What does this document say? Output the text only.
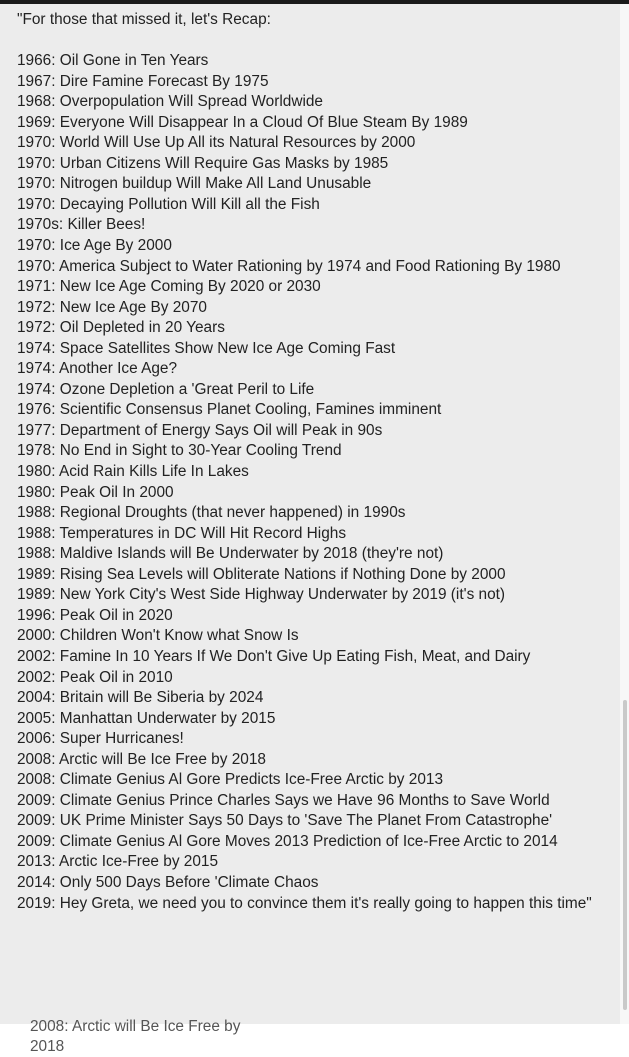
"For those that missed it, let's Recap:

1966: Oil Gone in Ten Years
1967: Dire Famine Forecast By 1975
1968: Overpopulation Will Spread Worldwide
1969: Everyone Will Disappear In a Cloud Of Blue Steam By 1989
1970: World Will Use Up All its Natural Resources by 2000
1970: Urban Citizens Will Require Gas Masks by 1985
1970: Nitrogen buildup Will Make All Land Unusable
1970: Decaying Pollution Will Kill all the Fish
1970s: Killer Bees!
1970: Ice Age By 2000
1970: America Subject to Water Rationing by 1974 and Food Rationing By 1980
1971: New Ice Age Coming By 2020 or 2030
1972: New Ice Age By 2070
1972: Oil Depleted in 20 Years
1974: Space Satellites Show New Ice Age Coming Fast
1974: Another Ice Age?
1974: Ozone Depletion a 'Great Peril to Life
1976: Scientific Consensus Planet Cooling, Famines imminent
1977: Department of Energy Says Oil will Peak in 90s
1978: No End in Sight to 30-Year Cooling Trend
1980: Acid Rain Kills Life In Lakes
1980: Peak Oil In 2000
1988: Regional Droughts (that never happened) in 1990s
1988: Temperatures in DC Will Hit Record Highs
1988: Maldive Islands will Be Underwater by 2018 (they're not)
1989: Rising Sea Levels will Obliterate Nations if Nothing Done by 2000
1989: New York City's West Side Highway Underwater by 2019 (it's not)
1996: Peak Oil in 2020
2000: Children Won't Know what Snow Is
2002: Famine In 10 Years If We Don't Give Up Eating Fish, Meat, and Dairy
2002: Peak Oil in 2010
2004: Britain will Be Siberia by 2024
2005: Manhattan Underwater by 2015
2006: Super Hurricanes!
2008: Arctic will Be Ice Free by 2018
2008: Climate Genius Al Gore Predicts Ice-Free Arctic by 2013
2009: Climate Genius Prince Charles Says we Have 96 Months to Save World
2009: UK Prime Minister Says 50 Days to 'Save The Planet From Catastrophe'
2009: Climate Genius Al Gore Moves 2013 Prediction of Ice-Free Arctic to 2014
2013: Arctic Ice-Free by 2015
2014: Only 500 Days Before 'Climate Chaos
2019: Hey Greta, we need you to convince them it's really going to happen this time"
2008: Arctic will Be Ice Free by 2018
